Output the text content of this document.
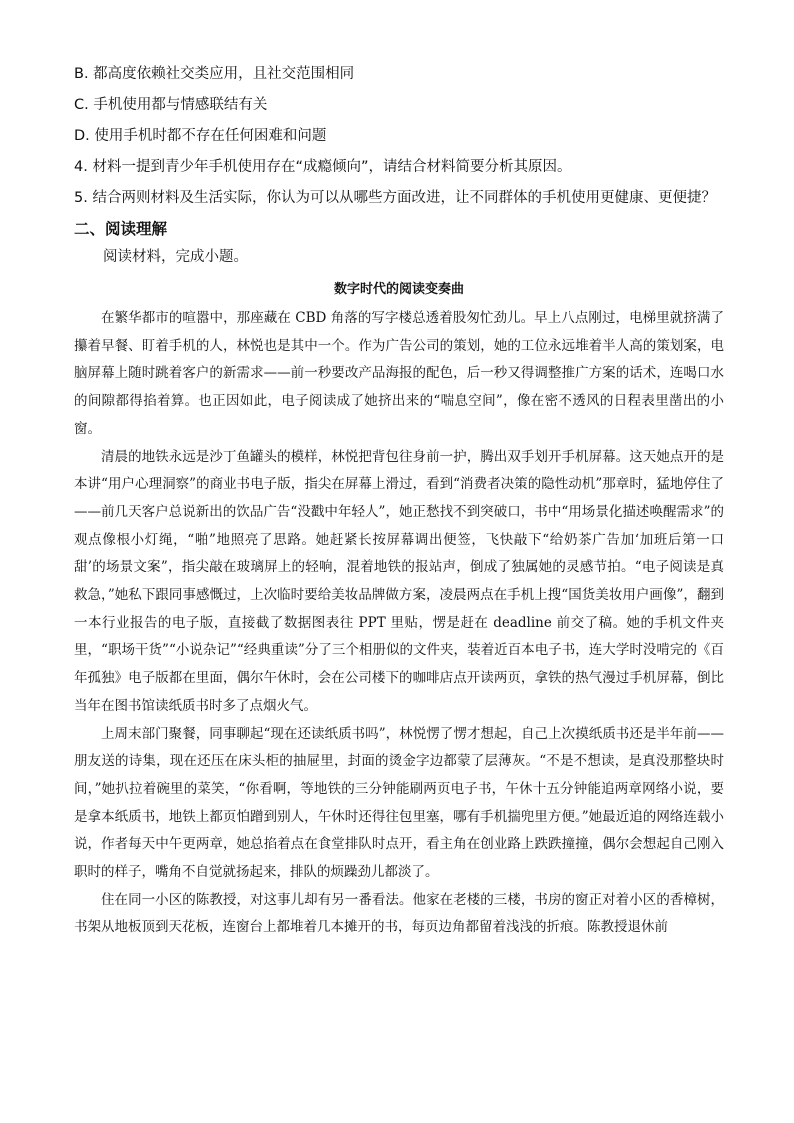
B. 都高度依赖社交类应用，且社交范围相同

C. 手机使用都与情感联结有关

D. 使用手机时都不存在任何困难和问题

4. 材料一提到青少年手机使用存在“成瘾倾向”，请结合材料简要分析其原因。

5. 结合两则材料及生活实际，你认为可以从哪些方面改进，让不同群体的手机使用更健康、更便捷？

二、阅读理解

阅读材料，完成小题。

数字时代的阅读变奏曲

在繁华都市的喧嚣中，那座藏在 CBD 角落的写字楼总透着股匆忙劲儿。早上八点刚过，电梯里就挤满了攥着早餐、盯着手机的人，林悦也是其中一个。作为广告公司的策划，她的工位永远堆着半人高的策划案，电脑屏幕上随时跳着客户的新需求——前一秒要改产品海报的配色，后一秒又得调整推广方案的话术，连喝口水的间隙都得掐着算。也正因如此，电子阅读成了她挤出来的“喘息空间”，像在密不透风的日程表里凿出的小窗。

清晨的地铁永远是沙丁鱼罐头的模样，林悦把背包往身前一护，腾出双手划开手机屏幕。这天她点开的是本讲“用户心理洞察”的商业书电子版，指尖在屏幕上滑过，看到“消费者决策的隐性动机”那章时，猛地停住了——前几天客户总说新出的饮品广告“没戳中年轻人”，她正愁找不到突破口，书中“用场景化描述唤醒需求”的观点像根小灯绳，“啪”地照亮了思路。她赶紧长按屏幕调出便签，飞快敲下“给奶茶广告加‘加班后第一口甜’的场景文案”，指尖敲在玻璃屏上的轻响，混着地铁的报站声，倒成了独属她的灵感节拍。“电子阅读是真救急，”她私下跟同事感慨过，上次临时要给美妆品牌做方案，凌晨两点在手机上搜“国货美妆用户画像”，翻到一本行业报告的电子版，直接截了数据图表往 PPT 里贴，愣是赶在 deadline 前交了稿。她的手机文件夹里，“职场干货”“小说杂记”“经典重读”分了三个相册似的文件夹，装着近百本电子书，连大学时没啃完的《百年孤独》电子版都在里面，偶尔午休时，会在公司楼下的咖啡店点开读两页，拿铁的热气漫过手机屏幕，倒比当年在图书馆读纸质书时多了点烟火气。

上周末部门聚餐，同事聊起“现在还读纸质书吗”，林悦愣了愣才想起，自己上次摸纸质书还是半年前——朋友送的诗集，现在还压在床头柜的抽屉里，封面的烫金字边都蒙了层薄灰。“不是不想读，是真没那整块时间，”她扒拉着碗里的菜笑，“你看啊，等地铁的三分钟能刷两页电子书，午休十五分钟能追两章网络小说，要是拿本纸质书，地铁上都页怕蹭到别人，午休时还得往包里塞，哪有手机揣兜里方便。”她最近追的网络连载小说，作者每天中午更两章，她总掐着点在食堂排队时点开，看主角在创业路上跌跌撞撞，偶尔会想起自己刚入职时的样子，嘴角不自觉就扬起来，排队的烦躁劲儿都淡了。

住在同一小区的陈教授，对这事儿却有另一番看法。他家在老楼的三楼，书房的窗正对着小区的香樟树，书架从地板顶到天花板，连窗台上都堆着几本摊开的书，每页边角都留着浅浅的折痕。陈教授退休前
